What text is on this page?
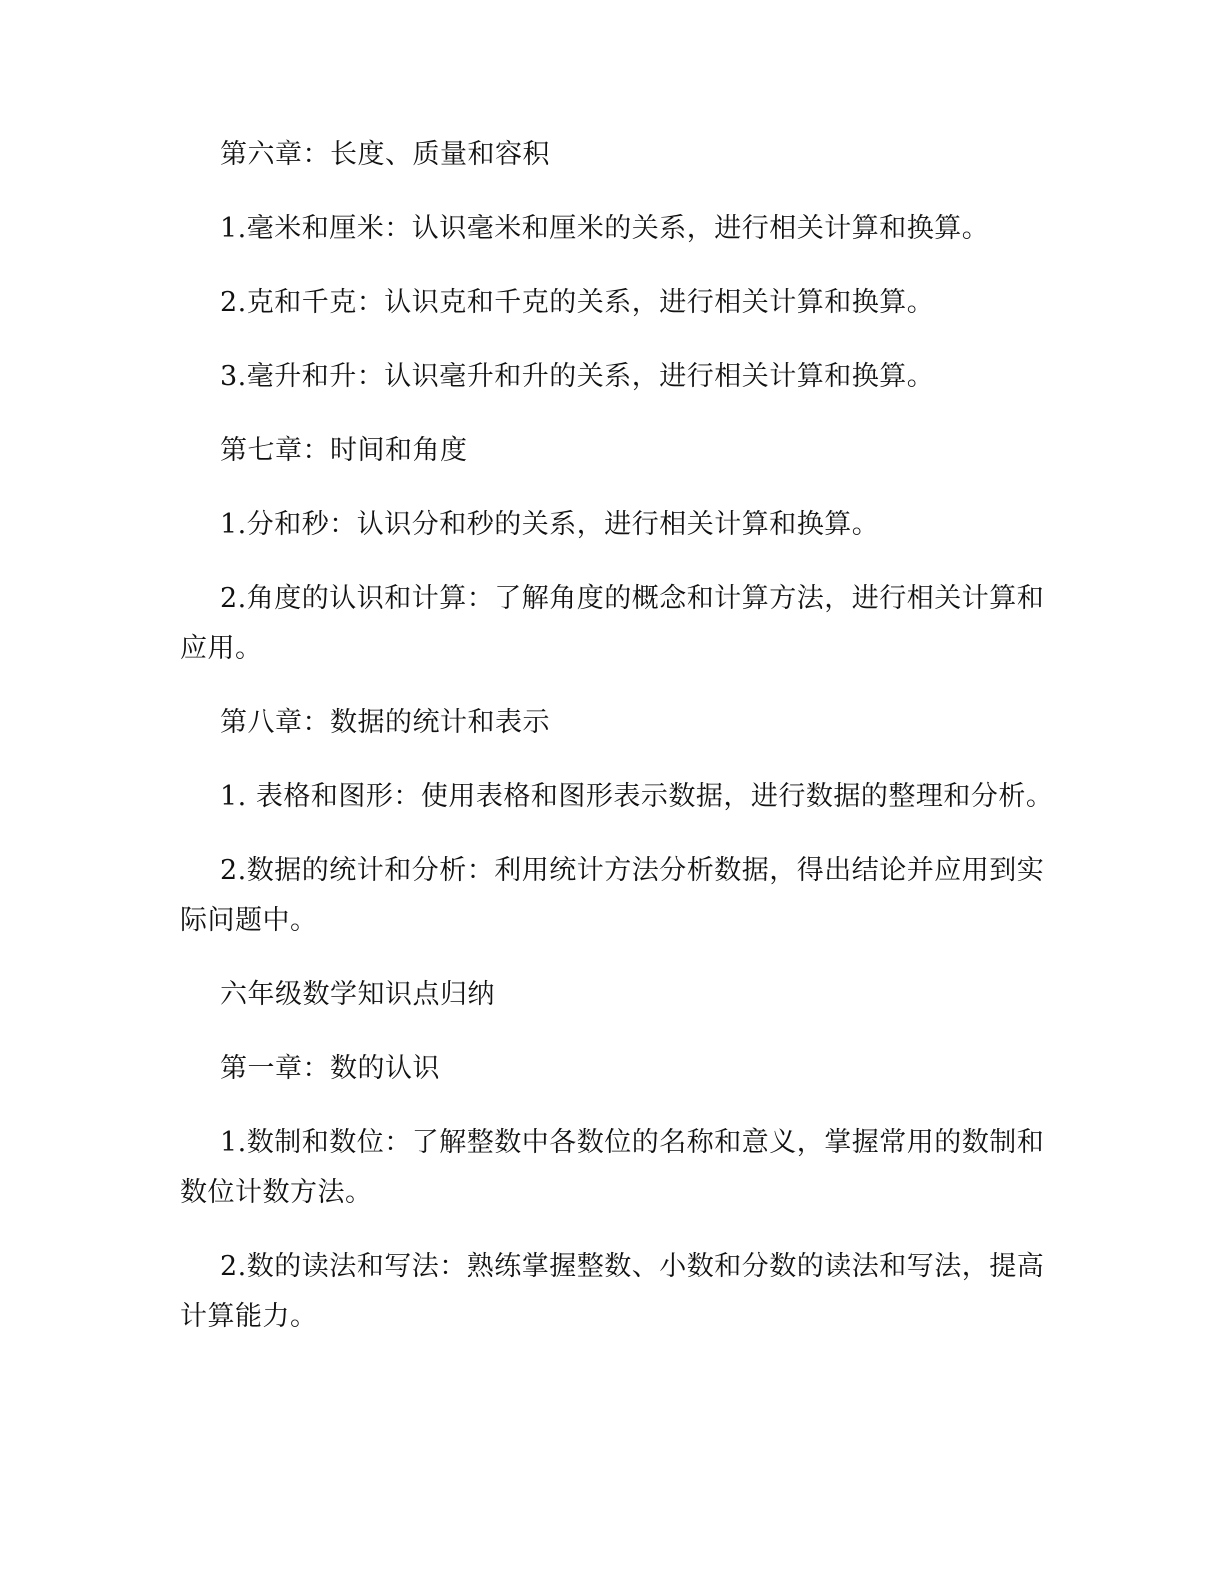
第六章：长度、质量和容积

1.毫米和厘米：认识毫米和厘米的关系，进行相关计算和换算。

2.克和千克：认识克和千克的关系，进行相关计算和换算。

3.毫升和升：认识毫升和升的关系，进行相关计算和换算。

第七章：时间和角度

1.分和秒：认识分和秒的关系，进行相关计算和换算。

2.角度的认识和计算：了解角度的概念和计算方法，进行相关计算和应用。

第八章：数据的统计和表示

1. 表格和图形：使用表格和图形表示数据，进行数据的整理和分析。

2.数据的统计和分析：利用统计方法分析数据，得出结论并应用到实际问题中。

六年级数学知识点归纳

第一章：数的认识

1.数制和数位：了解整数中各数位的名称和意义，掌握常用的数制和数位计数方法。

2.数的读法和写法：熟练掌握整数、小数和分数的读法和写法，提高计算能力。
